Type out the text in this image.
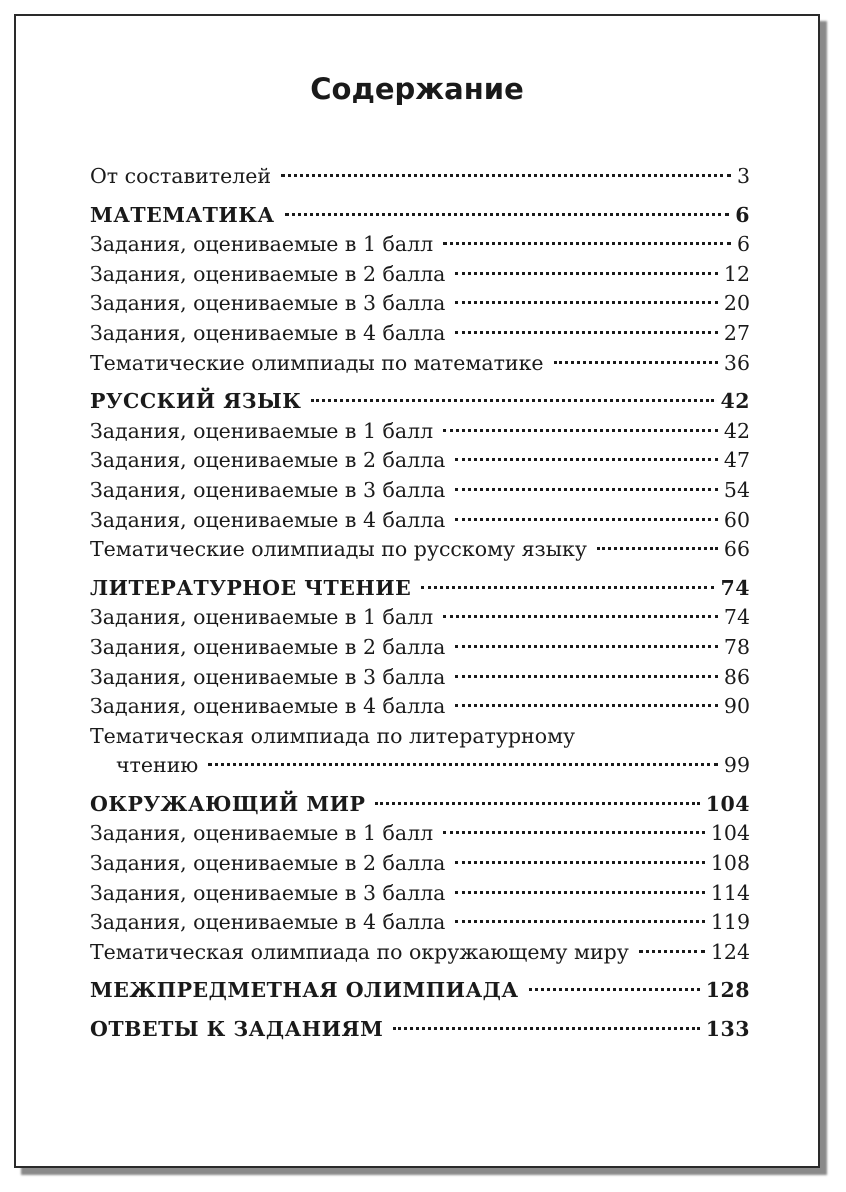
Содержание
От составителей	3
МАТЕМАТИКА	6
Задания, оцениваемые в 1 балл	6
Задания, оцениваемые в 2 балла	12
Задания, оцениваемые в 3 балла	20
Задания, оцениваемые в 4 балла	27
Тематические олимпиады по математике	36
РУССКИЙ ЯЗЫК	42
Задания, оцениваемые в 1 балл	42
Задания, оцениваемые в 2 балла	47
Задания, оцениваемые в 3 балла	54
Задания, оцениваемые в 4 балла	60
Тематические олимпиады по русскому языку	66
ЛИТЕРАТУРНОЕ ЧТЕНИЕ	74
Задания, оцениваемые в 1 балл	74
Задания, оцениваемые в 2 балла	78
Задания, оцениваемые в 3 балла	86
Задания, оцениваемые в 4 балла	90
Тематическая олимпиада по литературному
чтению	99
ОКРУЖАЮЩИЙ МИР	104
Задания, оцениваемые в 1 балл	104
Задания, оцениваемые в 2 балла	108
Задания, оцениваемые в 3 балла	114
Задания, оцениваемые в 4 балла	119
Тематическая олимпиада по окружающему миру	124
МЕЖПРЕДМЕТНАЯ ОЛИМПИАДА	128
ОТВЕТЫ К ЗАДАНИЯМ	133
